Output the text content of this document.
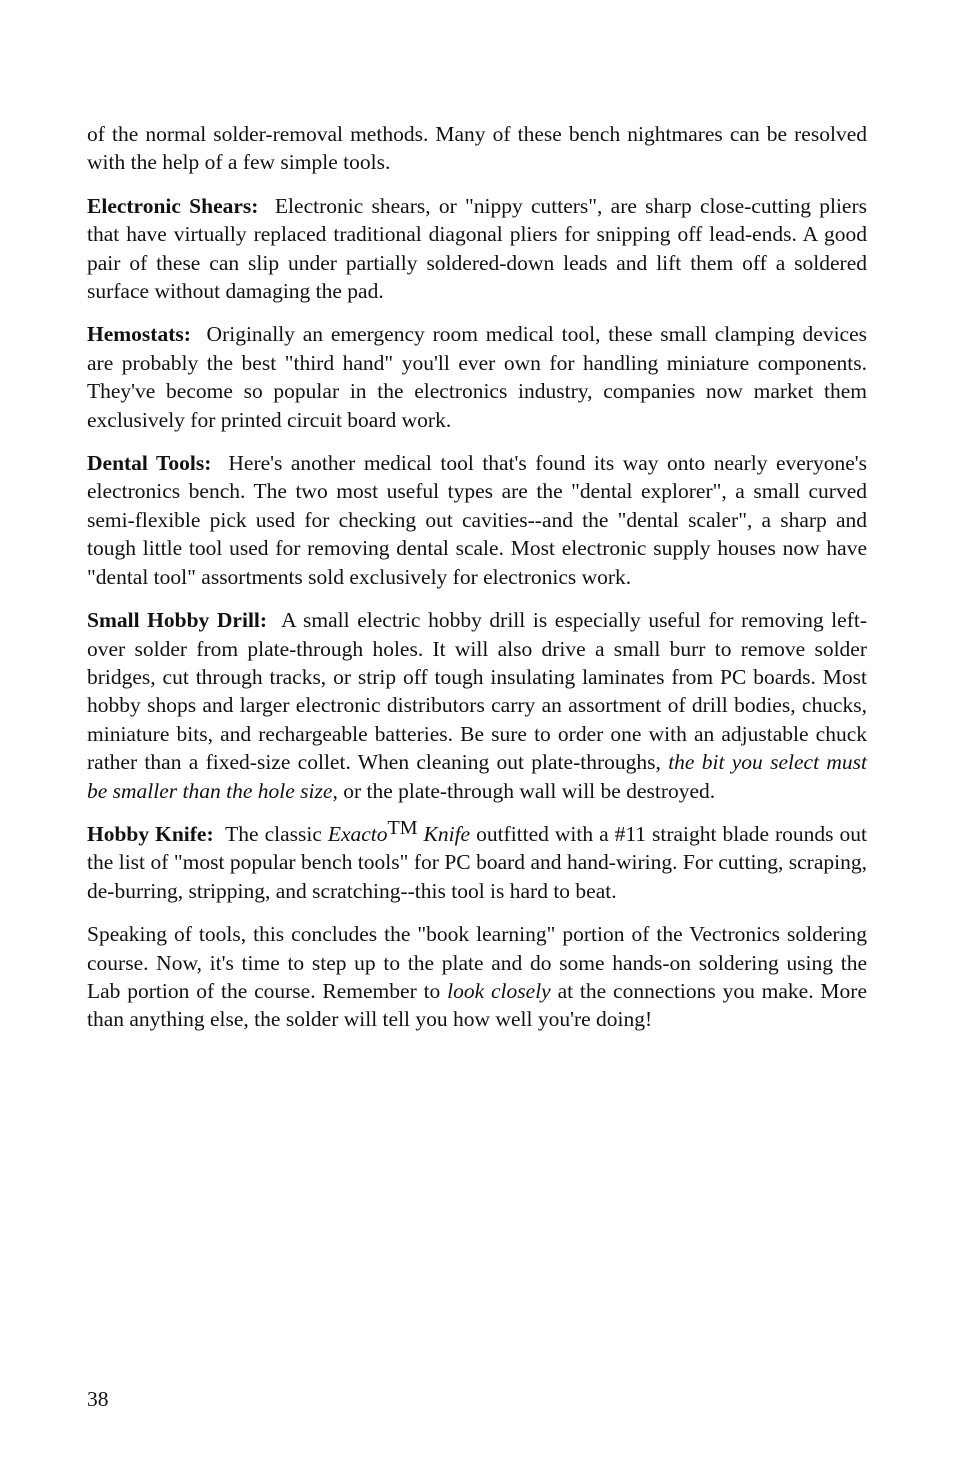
of the normal solder-removal methods. Many of these bench nightmares can be resolved with the help of a few simple tools.

Electronic Shears: Electronic shears, or "nippy cutters", are sharp close-cutting pliers that have virtually replaced traditional diagonal pliers for snipping off lead-ends. A good pair of these can slip under partially soldered-down leads and lift them off a soldered surface without damaging the pad.

Hemostats: Originally an emergency room medical tool, these small clamping devices are probably the best "third hand" you'll ever own for handling miniature components. They've become so popular in the electronics industry, companies now market them exclusively for printed circuit board work.

Dental Tools: Here's another medical tool that's found its way onto nearly everyone's electronics bench. The two most useful types are the "dental explorer", a small curved semi-flexible pick used for checking out cavities--and the "dental scaler", a sharp and tough little tool used for removing dental scale. Most electronic supply houses now have "dental tool" assortments sold exclusively for electronics work.

Small Hobby Drill: A small electric hobby drill is especially useful for removing left-over solder from plate-through holes. It will also drive a small burr to remove solder bridges, cut through tracks, or strip off tough insulating laminates from PC boards. Most hobby shops and larger electronic distributors carry an assortment of drill bodies, chucks, miniature bits, and rechargeable batteries. Be sure to order one with an adjustable chuck rather than a fixed-size collet. When cleaning out plate-throughs, the bit you select must be smaller than the hole size, or the plate-through wall will be destroyed.

Hobby Knife: The classic ExactoTM Knife outfitted with a #11 straight blade rounds out the list of "most popular bench tools" for PC board and hand-wiring. For cutting, scraping, de-burring, stripping, and scratching--this tool is hard to beat.

Speaking of tools, this concludes the "book learning" portion of the Vectronics soldering course. Now, it's time to step up to the plate and do some hands-on soldering using the Lab portion of the course. Remember to look closely at the connections you make. More than anything else, the solder will tell you how well you're doing!

38
